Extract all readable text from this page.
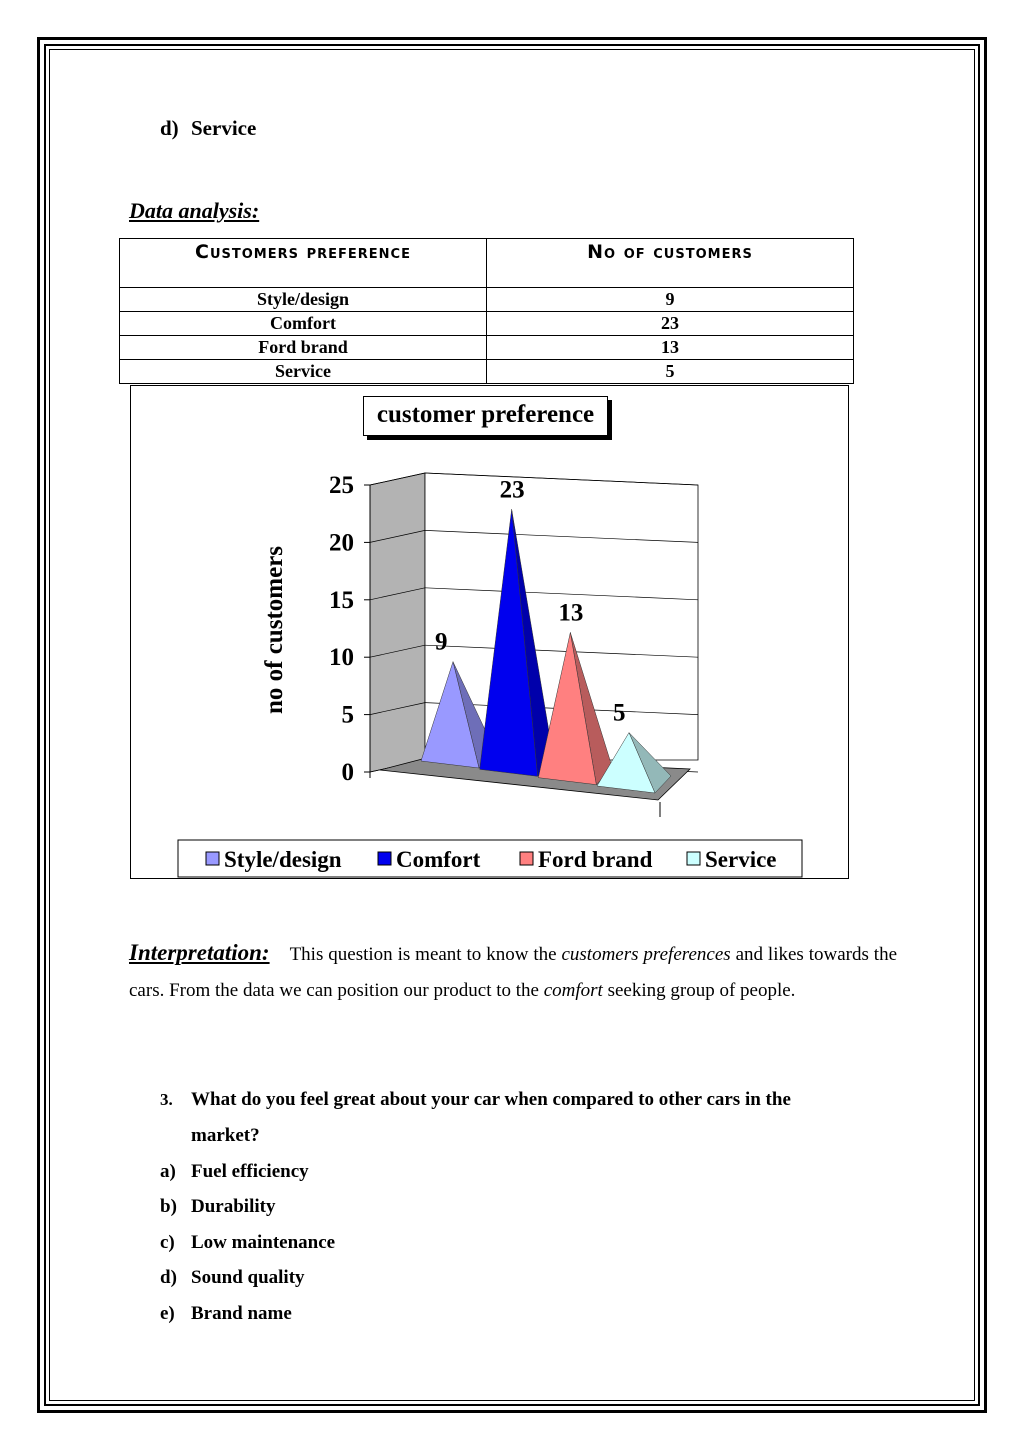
d) Service
Data analysis:
Customers preference	No of customers
Style/design	9
Comfort	23
Ford brand	13
Service	5
0
5
10
15
20
25
no of customers	9
23
13
5
Style/design Comfort	Ford brand Service
customer preference
Interpretation: This question is meant to know the customers preferences and likes towards the cars. From the data we can position our product to the comfort seeking group of people.
3. What do you feel great about your car when compared to other cars in the
market?
a) Fuel efficiency
b) Durability
c) Low maintenance
d) Sound quality
e) Brand name
